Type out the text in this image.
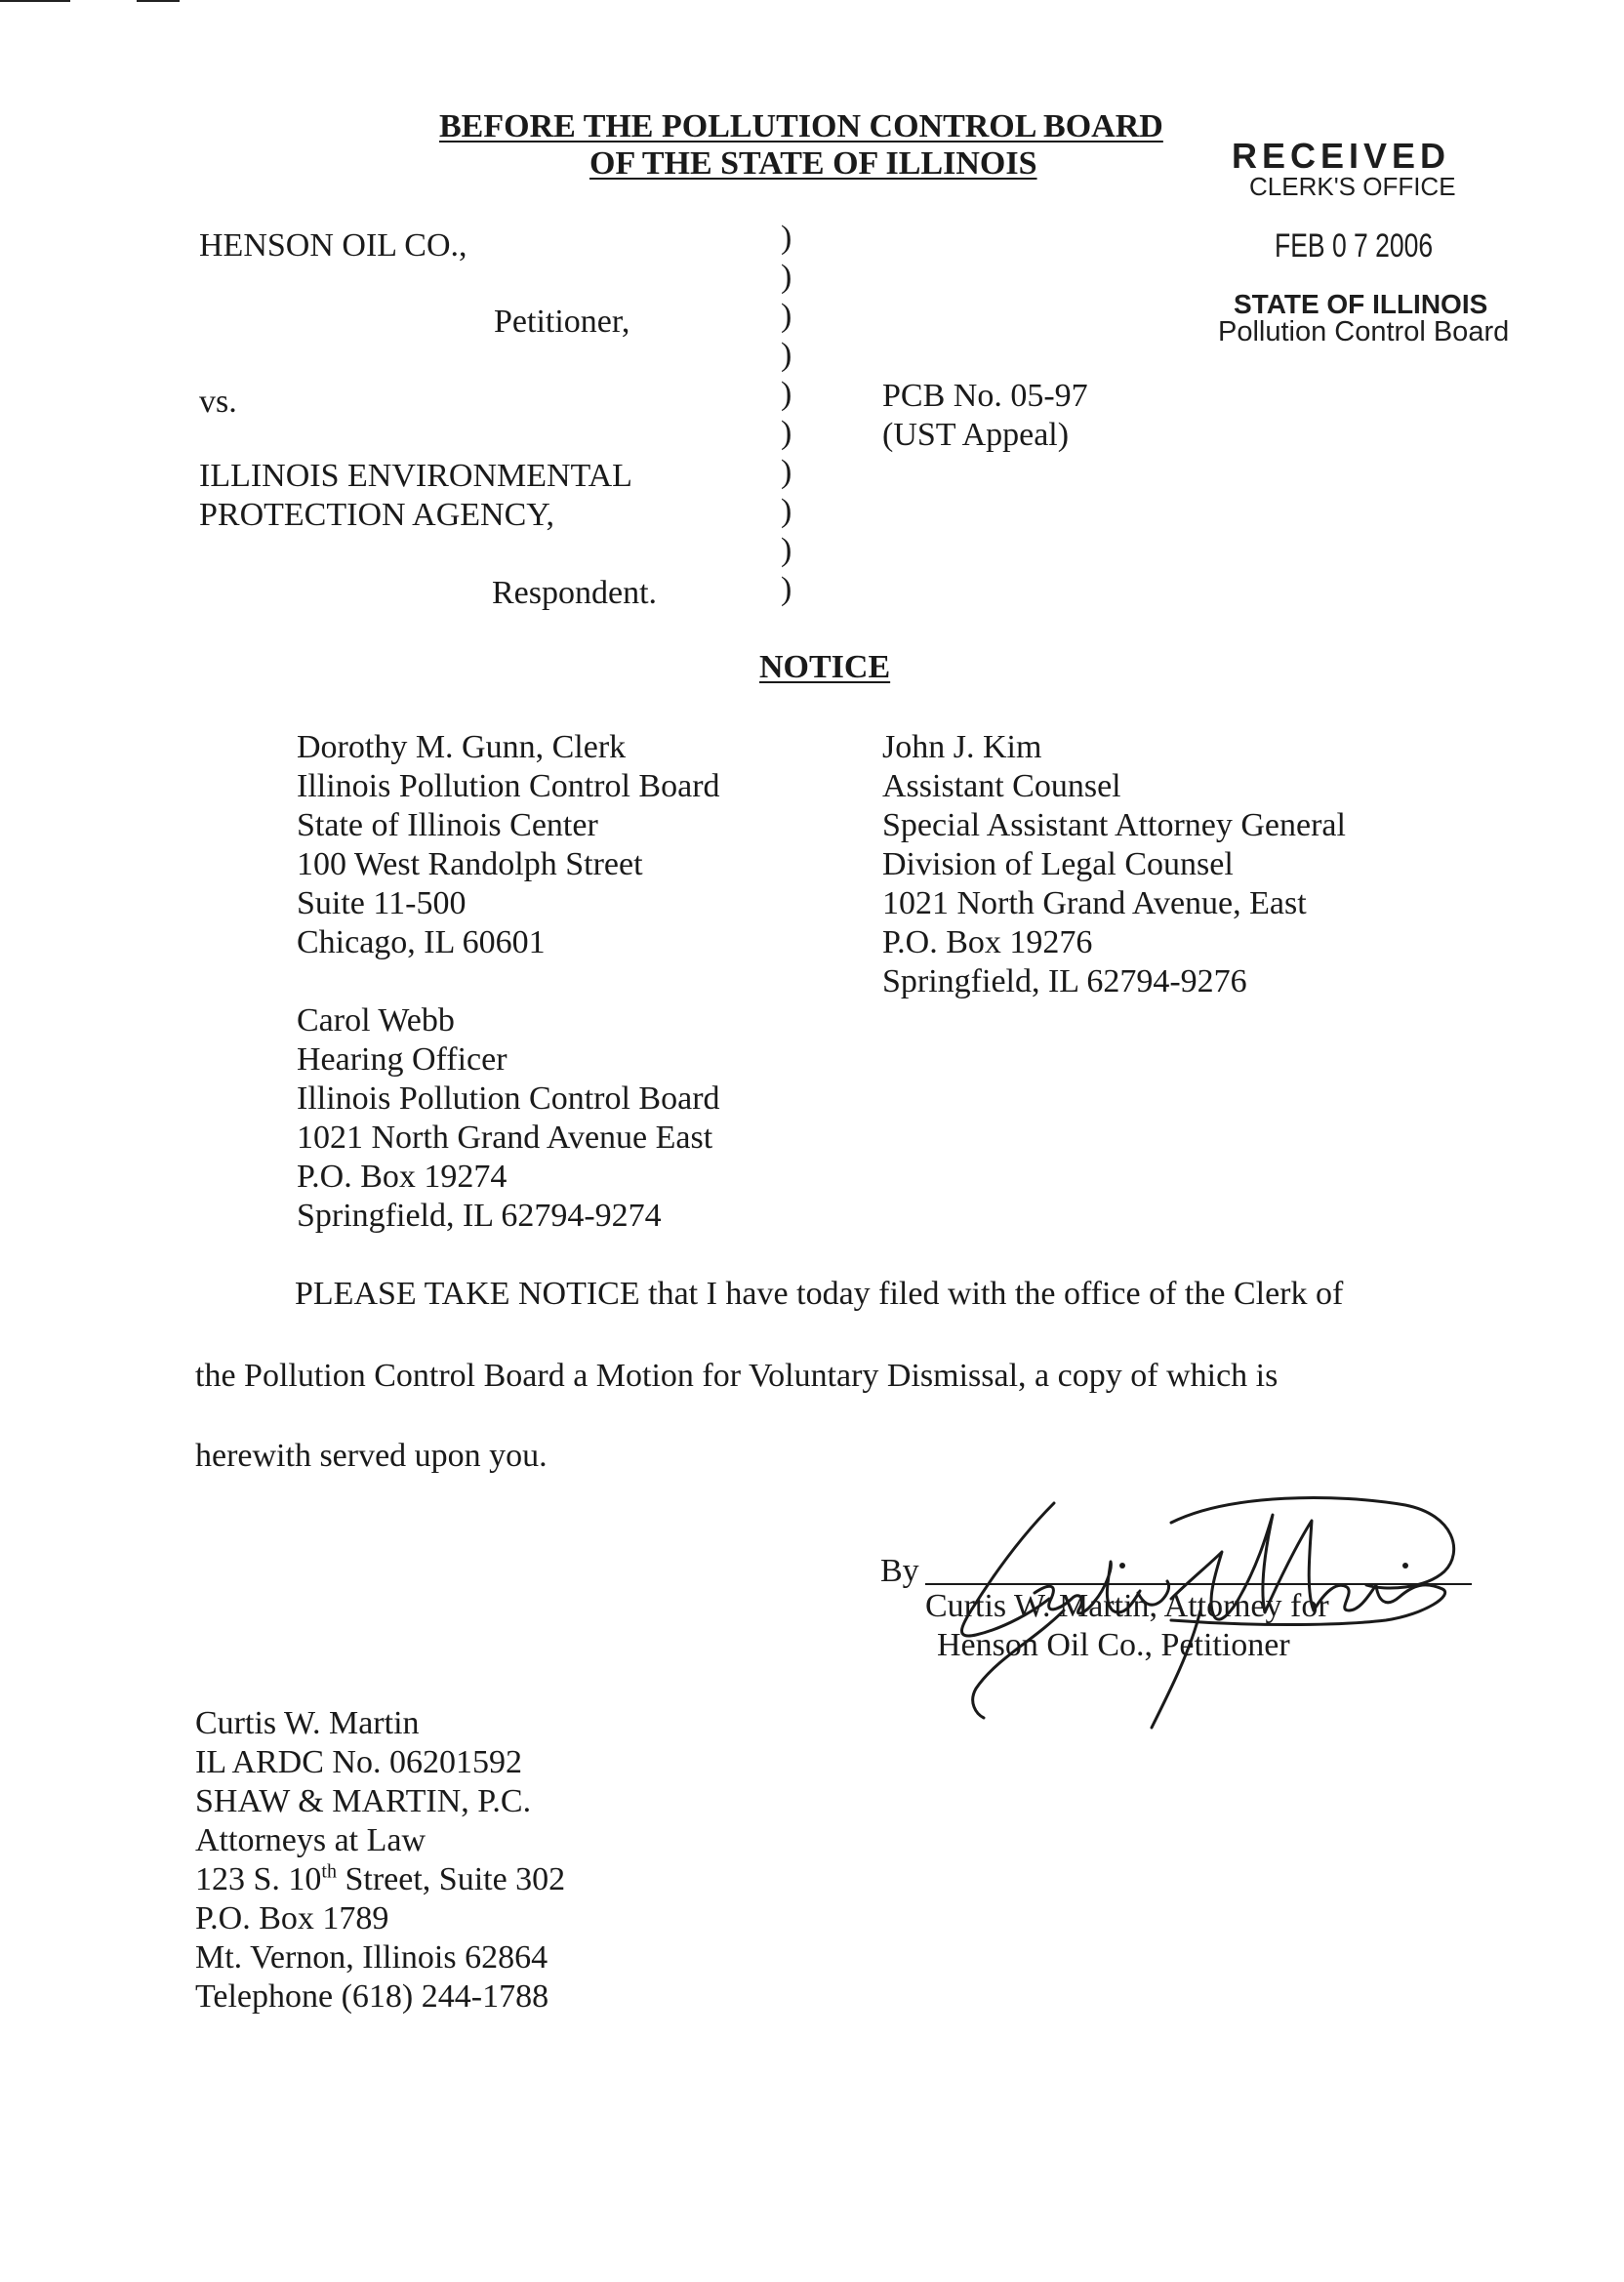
BEFORE THE POLLUTION CONTROL BOARD
OF THE STATE OF ILLINOIS	RECEIVED
CLERK'S OFFICE
FEB 0 7 2006
STATE OF ILLINOIS
Pollution Control Board
HENSON OIL CO.,
Petitioner,
vs.
ILLINOIS ENVIRONMENTAL
PROTECTION AGENCY,
Respondent.
)
)
)
)
)
)
)
)
)
)
PCB No. 05-97
(UST Appeal)
NOTICE
Dorothy M. Gunn, Clerk
Illinois Pollution Control Board
State of Illinois Center
100 West Randolph Street
Suite 11-500
Chicago, IL 60601
John J. Kim
Assistant Counsel
Special Assistant Attorney General
Division of Legal Counsel
1021 North Grand Avenue, East
P.O. Box 19276
Springfield, IL 62794-9276
Carol Webb
Hearing Officer
Illinois Pollution Control Board
1021 North Grand Avenue East
P.O. Box 19274
Springfield, IL 62794-9274
PLEASE TAKE NOTICE that I have today filed with the office of the Clerk of
the Pollution Control Board a Motion for Voluntary Dismissal, a copy of which is
herewith served upon you.
By
Curtis W. Martin, Attorney for
Henson Oil Co., Petitioner
Curtis W. Martin
IL ARDC No. 06201592
SHAW & MARTIN, P.C.
Attorneys at Law
123 S. 10th Street, Suite 302
P.O. Box 1789
Mt. Vernon, Illinois 62864
Telephone (618) 244-1788
